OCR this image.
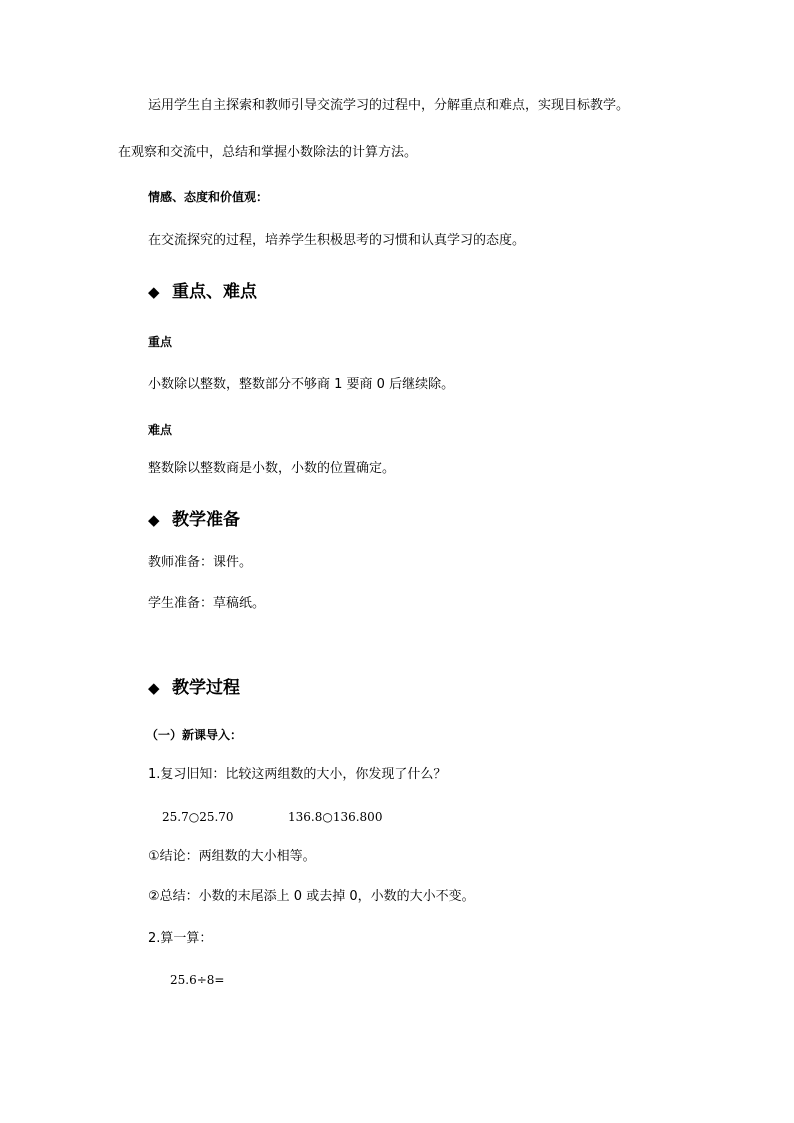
运用学生自主探索和教师引导交流学习的过程中，分解重点和难点，实现目标教学。
在观察和交流中，总结和掌握小数除法的计算方法。
情感、态度和价值观：
在交流探究的过程，培养学生积极思考的习惯和认真学习的态度。
◆ 重点、难点
重点
小数除以整数，整数部分不够商 1 要商 0 后继续除。
难点
整数除以整数商是小数，小数的位置确定。
◆ 教学准备
教师准备：课件。
学生准备：草稿纸。
◆ 教学过程
（一）新课导入：
1.复习旧知：比较这两组数的大小，你发现了什么？
25.7○25.70	136.8○136.800
①结论：两组数的大小相等。
②总结：小数的末尾添上 0 或去掉 0，小数的大小不变。
2.算一算：
25.6÷8=
